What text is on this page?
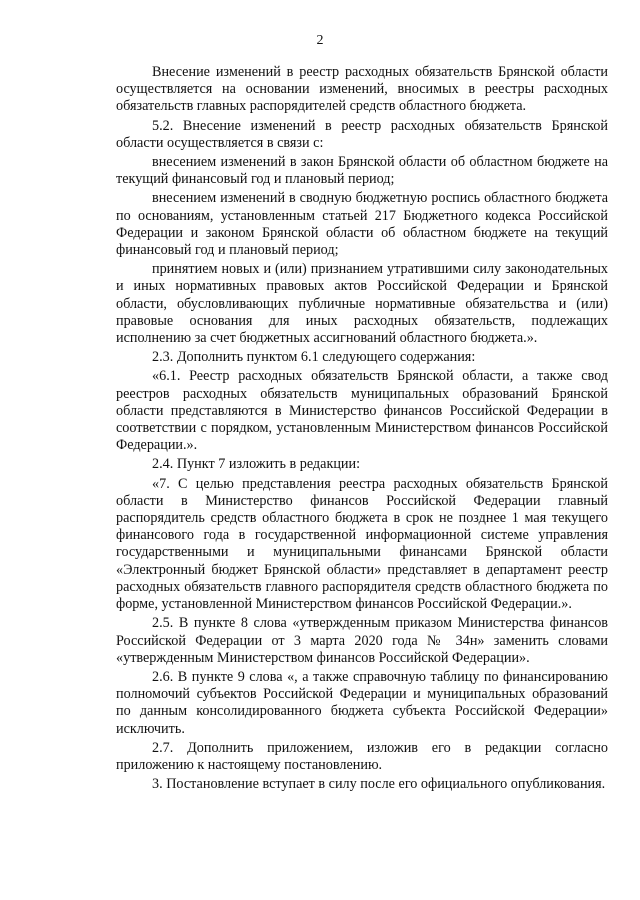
2

Внесение изменений в реестр расходных обязательств Брянской области осуществляется на основании изменений, вносимых в реестры расходных обязательств главных распорядителей средств областного бюджета.

5.2. Внесение изменений в реестр расходных обязательств Брянской области осуществляется в связи с:

внесением изменений в закон Брянской области об областном бюджете на текущий финансовый год и плановый период;

внесением изменений в сводную бюджетную роспись областного бюджета по основаниям, установленным статьей 217 Бюджетного кодекса Российской Федерации и законом Брянской области об областном бюджете на текущий финансовый год и плановый период;

принятием новых и (или) признанием утратившими силу законодательных и иных нормативных правовых актов Российской Федерации и Брянской области, обусловливающих публичные нормативные обязательства и (или) правовые основания для иных расходных обязательств, подлежащих исполнению за счет бюджетных ассигнований областного бюджета.».

2.3. Дополнить пунктом 6.1 следующего содержания:

«6.1. Реестр расходных обязательств Брянской области, а также свод реестров расходных обязательств муниципальных образований Брянской области представляются в Министерство финансов Российской Федерации в соответствии с порядком, установленным Министерством финансов Российской Федерации.».

2.4. Пункт 7 изложить в редакции:

«7. С целью представления реестра расходных обязательств Брянской области в Министерство финансов Российской Федерации главный распорядитель средств областного бюджета в срок не позднее 1 мая текущего финансового года в государственной информационной системе управления государственными и муниципальными финансами Брянской области «Электронный бюджет Брянской области» представляет в департамент реестр расходных обязательств главного распорядителя средств областного бюджета по форме, установленной Министерством финансов Российской Федерации.».

2.5. В пункте 8 слова «утвержденным приказом Министерства финансов Российской Федерации от 3 марта 2020 года № 34н» заменить словами «утвержденным Министерством финансов Российской Федерации».

2.6. В пункте 9 слова «, а также справочную таблицу по финансированию полномочий субъектов Российской Федерации и муниципальных образований по данным консолидированного бюджета субъекта Российской Федерации» исключить.

2.7. Дополнить приложением, изложив его в редакции согласно приложению к настоящему постановлению.

3. Постановление вступает в силу после его официального опубликования.
